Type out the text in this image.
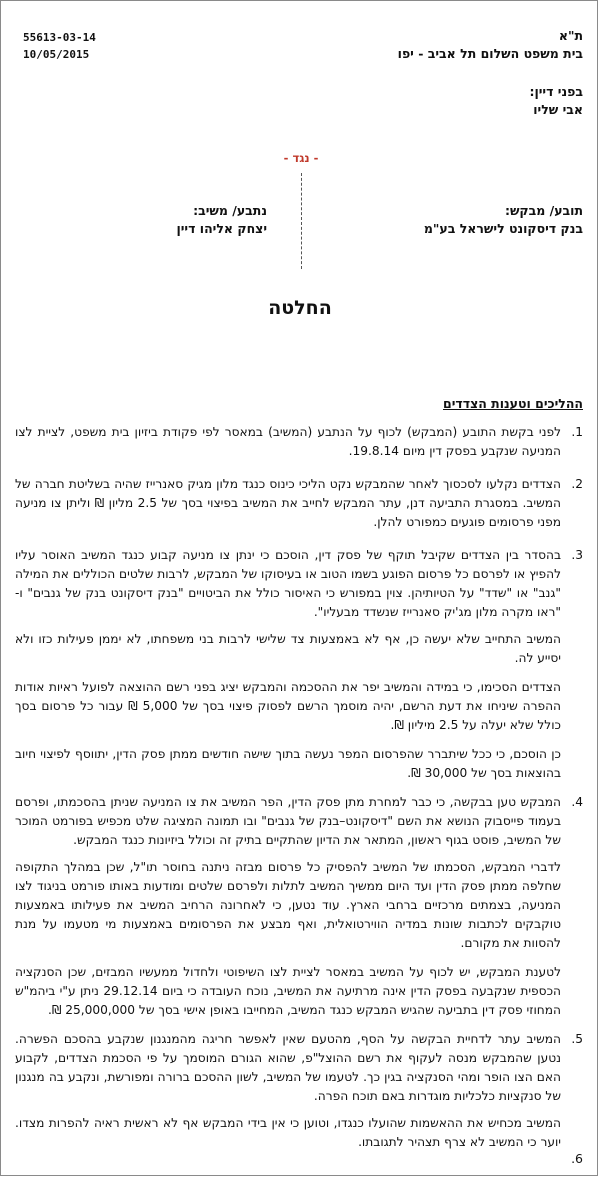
55613-03-14
10/05/2015
ת"א
בית משפט השלום תל אביב - יפו
בפני דיין:
אבי שליו
- נגד -
תובע/ מבקש:
בנק דיסקונט לישראל בע"מ
נתבע/ משיב:
יצחק אליהו דיין
החלטה
ההליכים וטענות הצדדים
1.
לפני בקשת התובע (המבקש) לכוף על הנתבע (המשיב) במאסר לפי פקודת ביזיון בית משפט, לציית לצו המניעה שנקבע בפסק דין מיום 19.8.14.
2.
הצדדים נקלעו לסכסוך לאחר שהמבקש נקט הליכי כינוס כנגד מלון מגיק סאנרייז שהיה בשליטת חברה של המשיב. במסגרת התביעה דנן, עתר המבקש לחייב את המשיב בפיצוי בסך של 2.5 מליון ₪ וליתן צו מניעה מפני פרסומים פוגעים כמפורט להלן.
3.
בהסדר בין הצדדים שקיבל תוקף של פסק דין, הוסכם כי ינתן צו מניעה קבוע כנגד המשיב האוסר עליו להפיץ או לפרסם כל פרסום הפוגע בשמו הטוב או בעיסוקו של המבקש, לרבות שלטים הכוללים את המילה "גנב" או "שדד" על הטיותיהן. צוין במפורש כי האיסור כולל את הביטויים "בנק דיסקונט בנק של גנבים" ו-"ראו מקרה מלון מג'יק סאנרייז שנשדד מבעליו".
המשיב התחייב שלא יעשה כן, אף לא באמצעות צד שלישי לרבות בני משפחתו, לא יממן פעילות כזו ולא יסייע לה.
הצדדים הסכימו, כי במידה והמשיב יפר את ההסכמה והמבקש יציג בפני רשם ההוצאה לפועל ראיות אודות ההפרה שיניחו את דעת הרשם, יהיה מוסמך הרשם לפסוק פיצוי בסך של 5,000 ₪ עבור כל פרסום בסך כולל שלא יעלה על 2.5 מיליון ₪.
כן הוסכם, כי ככל שיתברר שהפרסום המפר נעשה בתוך שישה חודשים ממתן פסק הדין, יתווסף לפיצוי חיוב בהוצאות בסך של 30,000 ₪.
4.
המבקש טען בבקשה, כי כבר למחרת מתן פסק הדין, הפר המשיב את צו המניעה שניתן בהסכמתו, ופרסם בעמוד פייסבוק הנושא את השם "דיסקונט–בנק של גנבים" ובו תמונה המציגה שלט מכפיש בפורמט המוכר של המשיב, פוסט בגוף ראשון, המתאר את הדיון שהתקיים בתיק זה וכולל ביזיונות כנגד המבקש.
לדברי המבקש, הסכמתו של המשיב להפסיק כל פרסום מבזה ניתנה בחוסר תו"ל, שכן במהלך התקופה שחלפה ממתן פסק הדין ועד היום ממשיך המשיב לתלות ולפרסם שלטים ומודעות באותו פורמט בניגוד לצו המניעה, בצמתים מרכזיים ברחבי הארץ. עוד נטען, כי לאחרונה הרחיב המשיב את פעילותו באמצעות טוקבקים לכתבות שונות במדיה הווירטואלית, ואף מבצע את הפרסומים באמצעות מי מטעמו על מנת להסוות את מקורם.
לטענת המבקש, יש לכוף על המשיב במאסר לציית לצו השיפוטי ולחדול ממעשיו המבזים, שכן הסנקציה הכספית שנקבעה בפסק הדין אינה מרתיעה את המשיב, נוכח העובדה כי ביום 29.12.14 ניתן ע"י ביהמ"ש המחוזי פסק דין בתביעה שהגיש המבקש כנגד המשיב, המחייבו באופן אישי בסך של 25,000,000 ₪.
5.
המשיב עתר לדחיית הבקשה על הסף, מהטעם שאין לאפשר חריגה מהמנגנון שנקבע בהסכם הפשרה. נטען שהמבקש מנסה לעקוף את רשם ההוצל"פ, שהוא הגורם המוסמך על פי הסכמת הצדדים, לקבוע האם הצו הופר ומהי הסנקציה בגין כך. לטעמו של המשיב, לשון ההסכם ברורה ומפורשת, ונקבע בה מנגנון של סנקציות כלכליות מוגדרות באם תוכח הפרה.
המשיב מכחיש את ההאשמות שהועלו כנגדו, וטוען כי אין בידי המבקש אף לא ראשית ראיה להפרות מצדו. יוער כי המשיב לא צרף תצהיר לתגובתו.
6.
